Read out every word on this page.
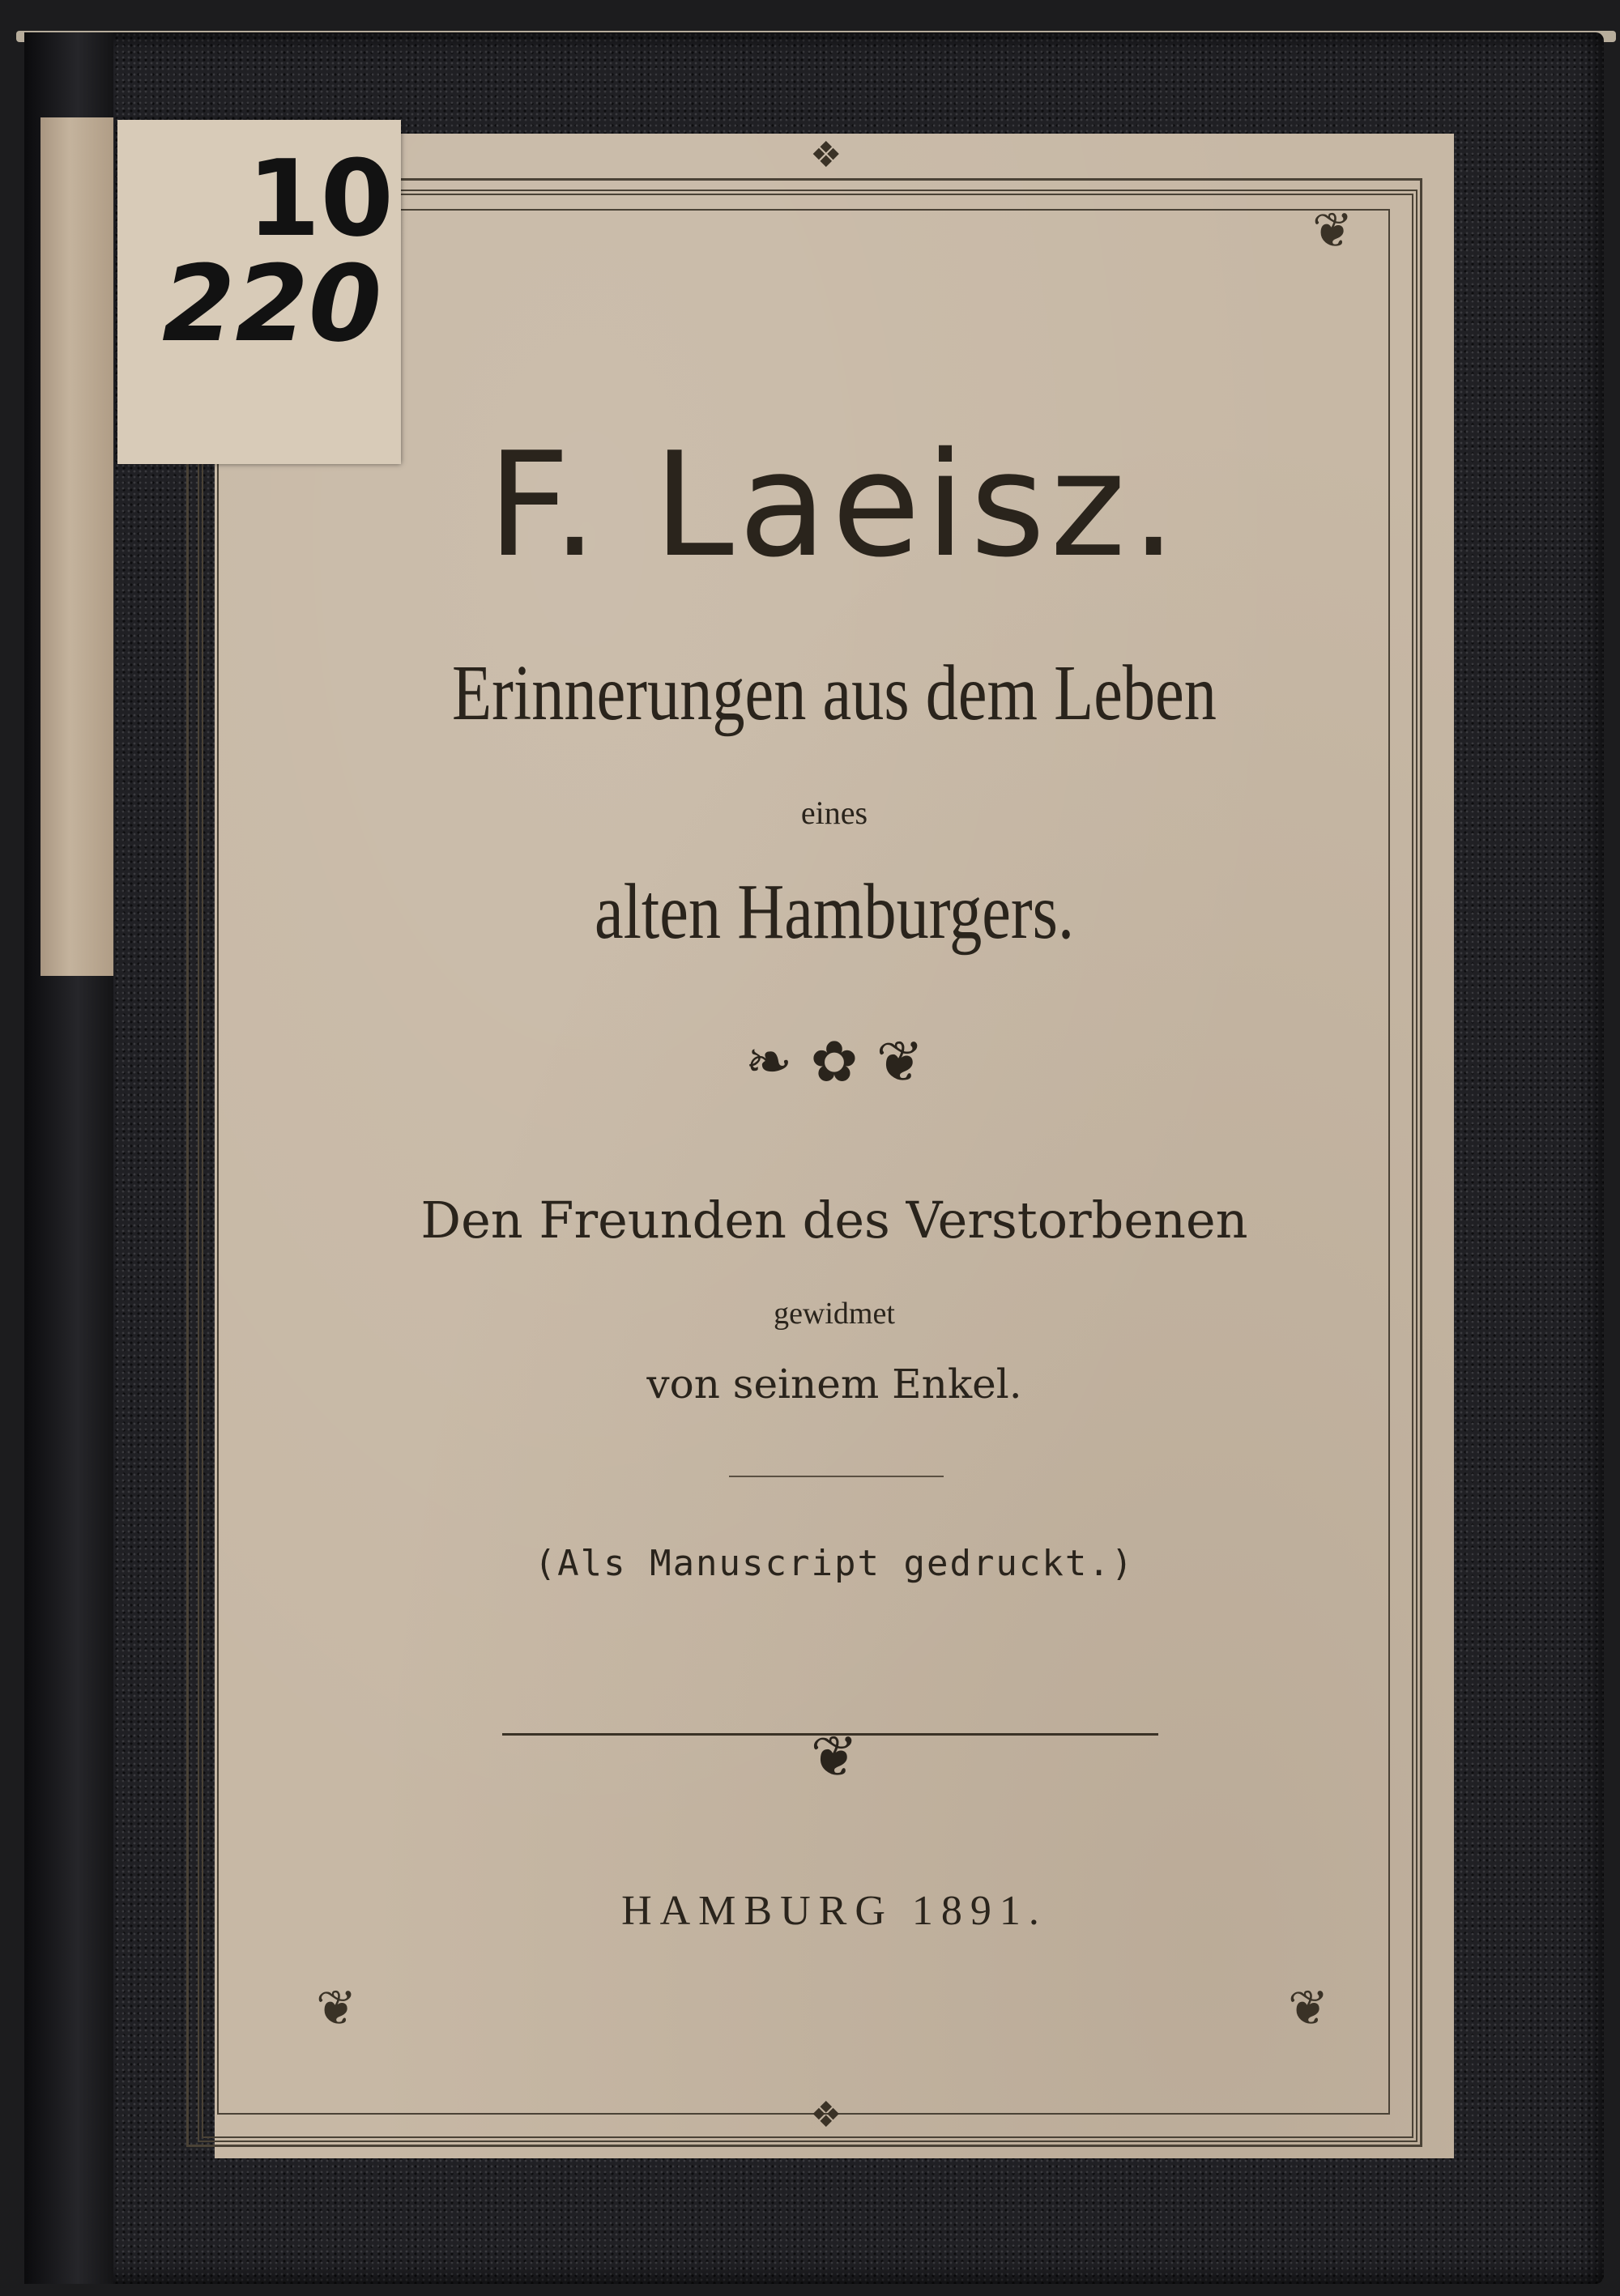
❦
❦	❦
❖
❖
10
220
F. Laeisz.
Erinnerungen aus dem Leben
eines
alten Hamburgers.
❧ ✿ ❦
Den Freunden des Verstorbenen
gewidmet
von seinem Enkel.
(Als Manuscript gedruckt.)
❦
HAMBURG 1891.
